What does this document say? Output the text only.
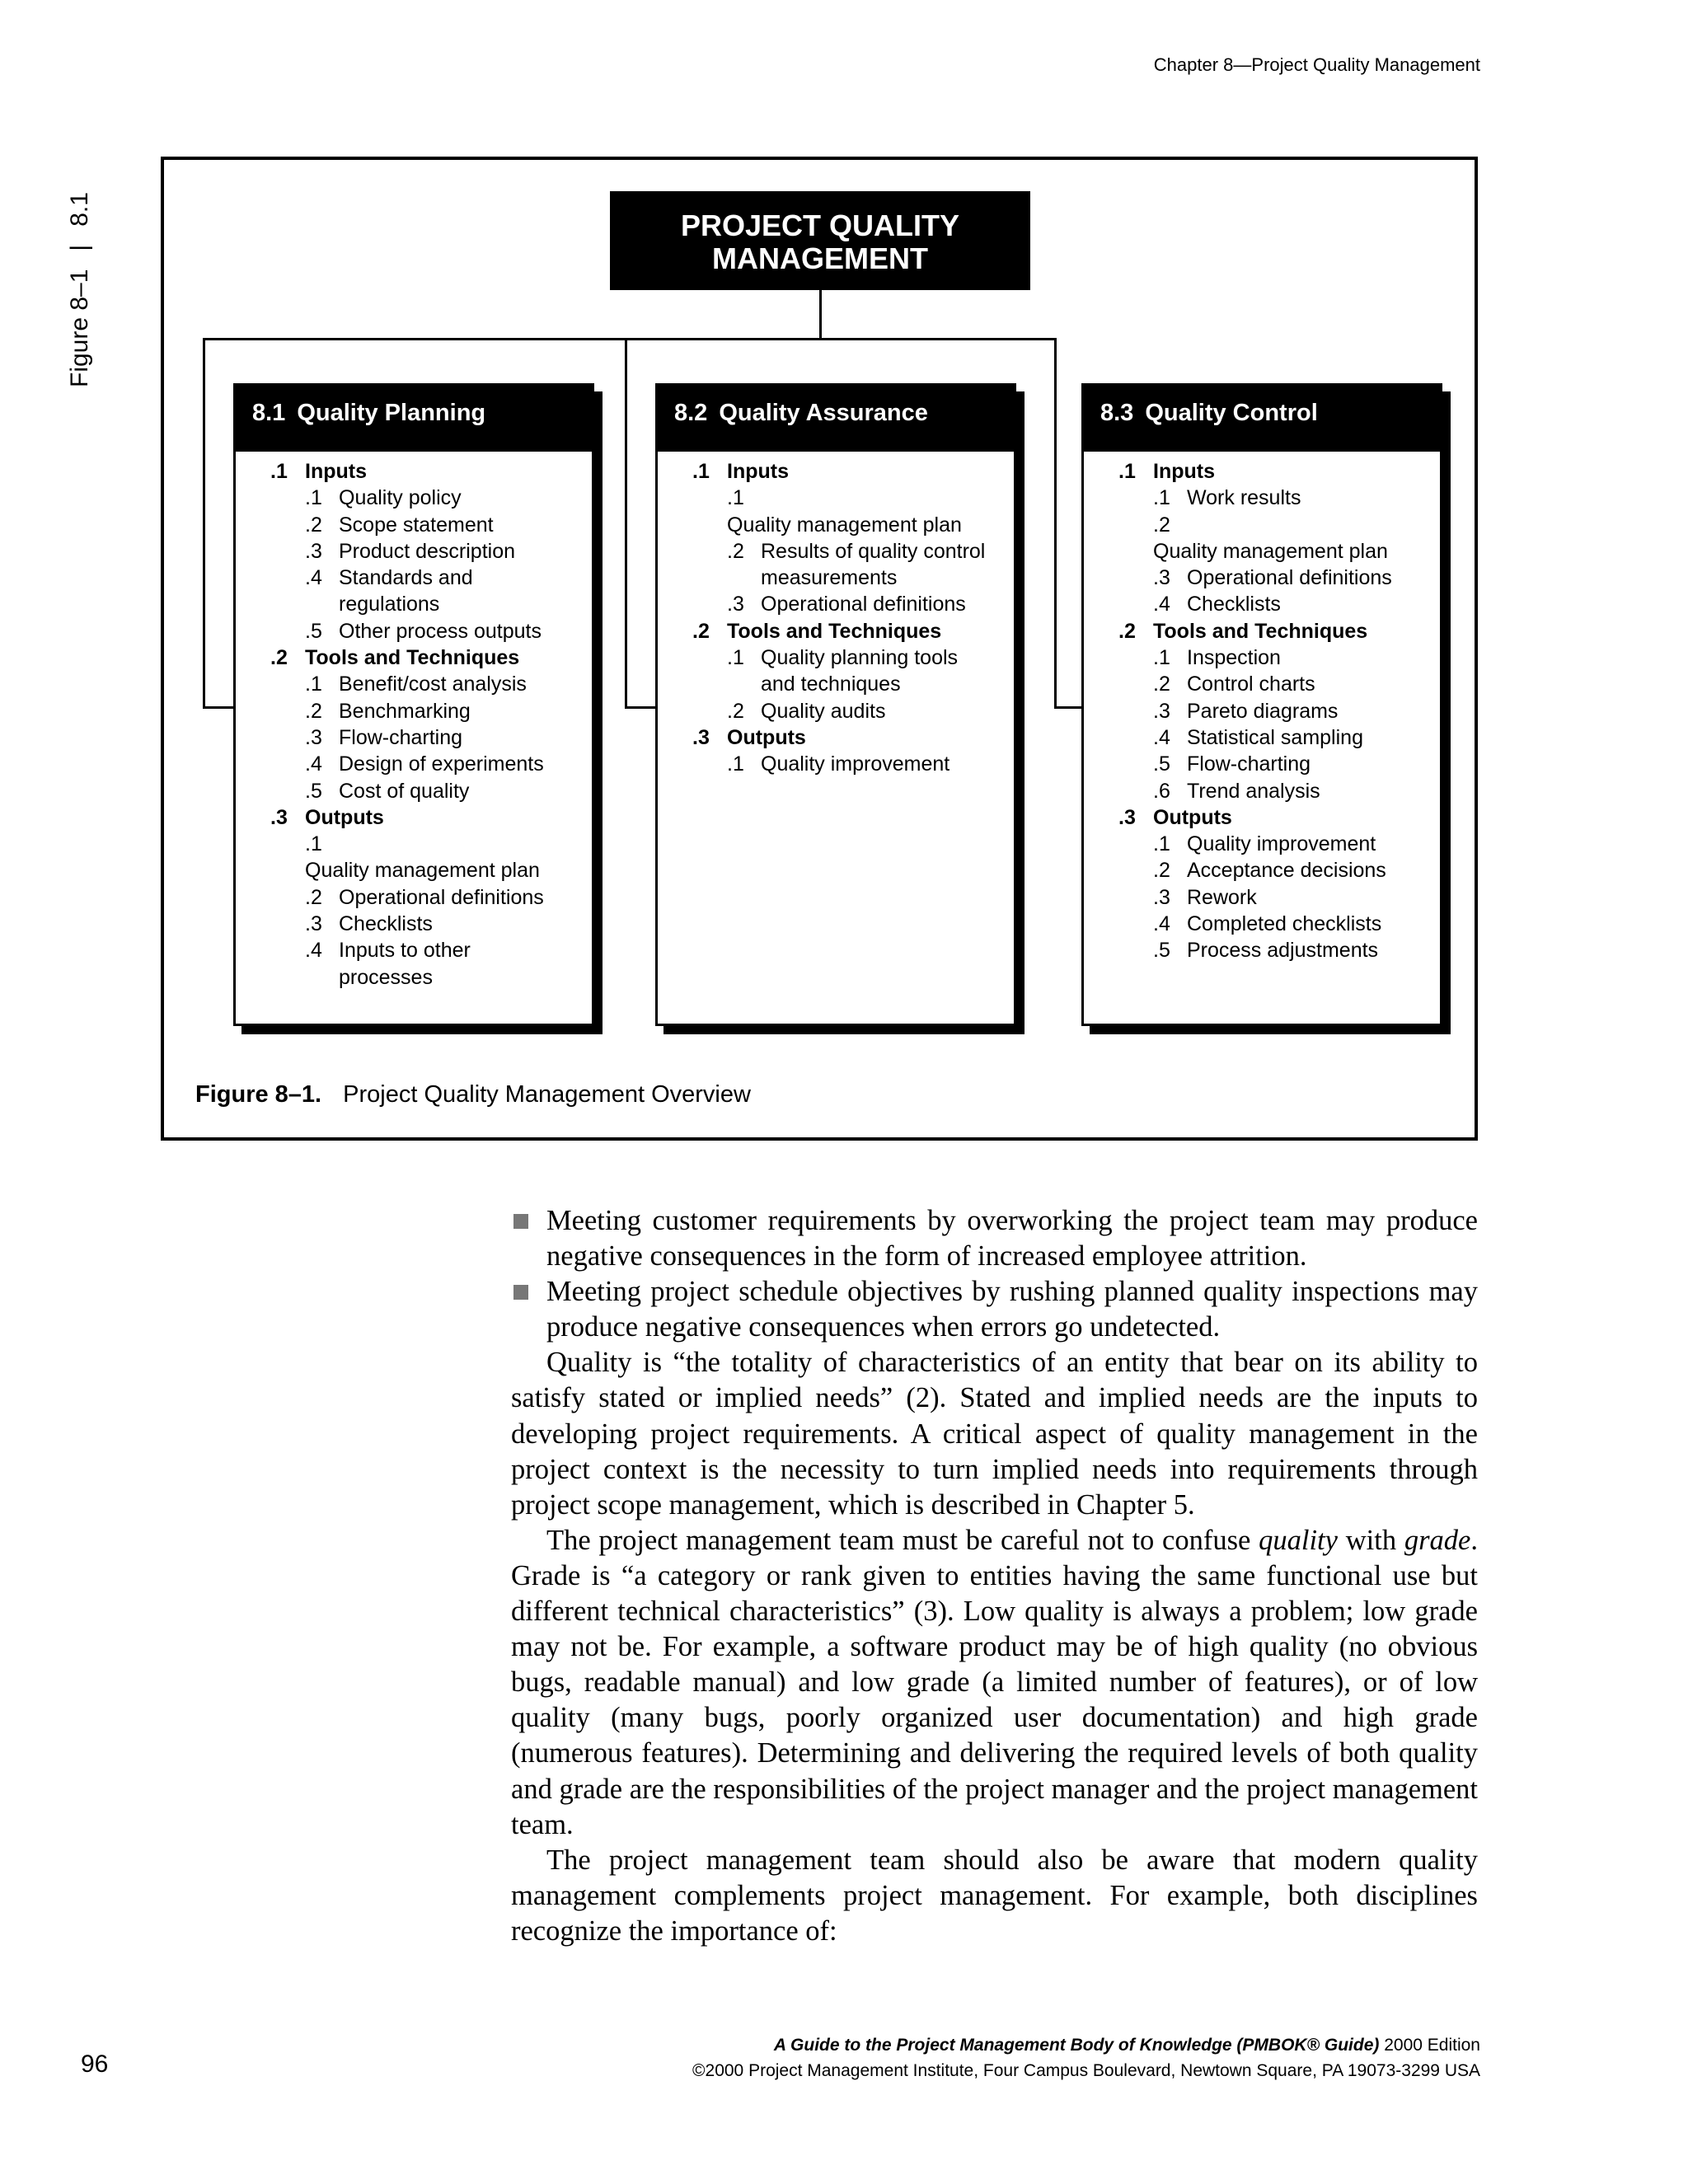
Chapter 8—Project Quality Management
Figure 8–1|8.1	PROJECT QUALITY
MANAGEMENT
8.1 Quality Planning
.1 Inputs
.1 Quality policy
.2 Scope statement
.3 Product description
.4 Standards and regulations
.5 Other process outputs
.2 Tools and Techniques
.1 Benefit/cost analysis
.2 Benchmarking
.3 Flow-charting
.4 Design of experiments
.5 Cost of quality
.3 Outputs
.1Quality management plan
.2 Operational definitions
.3 Checklists
.4 Inputs to other processes
8.2 Quality Assurance
.1 Inputs
.1Quality management plan
.2 Results of quality control measurements
.3 Operational definitions
.2 Tools and Techniques
.1 Quality planning tools and techniques
.2 Quality audits
.3 Outputs
.1 Quality improvement
8.3 Quality Control
.1 Inputs
.1 Work results
.2Quality management plan
.3 Operational definitions
.4 Checklists
.2 Tools and Techniques
.1 Inspection
.2 Control charts
.3 Pareto diagrams
.4 Statistical sampling
.5 Flow-charting
.6 Trend analysis
.3 Outputs
.1 Quality improvement
.2 Acceptance decisions
.3 Rework
.4 Completed checklists
.5 Process adjustments
Figure 8–1. Project Quality Management Overview
Meeting customer requirements by overworking the project team may produce negative consequences in the form of increased employee attrition.
Meeting project schedule objectives by rushing planned quality inspections may produce negative consequences when errors go undetected.
Quality is “the totality of characteristics of an entity that bear on its ability to satisfy stated or implied needs” (2). Stated and implied needs are the inputs to developing project requirements. A critical aspect of quality management in the project context is the necessity to turn implied needs into requirements through project scope management, which is described in Chapter 5.
The project management team must be careful not to confuse quality with grade. Grade is “a category or rank given to entities having the same functional use but different technical characteristics” (3). Low quality is always a problem; low grade may not be. For example, a software product may be of high quality (no obvious bugs, readable manual) and low grade (a limited number of features), or of low quality (many bugs, poorly organized user documentation) and high grade (numerous features). Determining and delivering the required levels of both quality and grade are the responsibilities of the project manager and the project management team.
The project management team should also be aware that modern quality management complements project management. For example, both disciplines recognize the importance of:
96
A Guide to the Project Management Body of Knowledge (PMBOK® Guide) 2000 Edition
©2000 Project Management Institute, Four Campus Boulevard, Newtown Square, PA 19073-3299 USA
